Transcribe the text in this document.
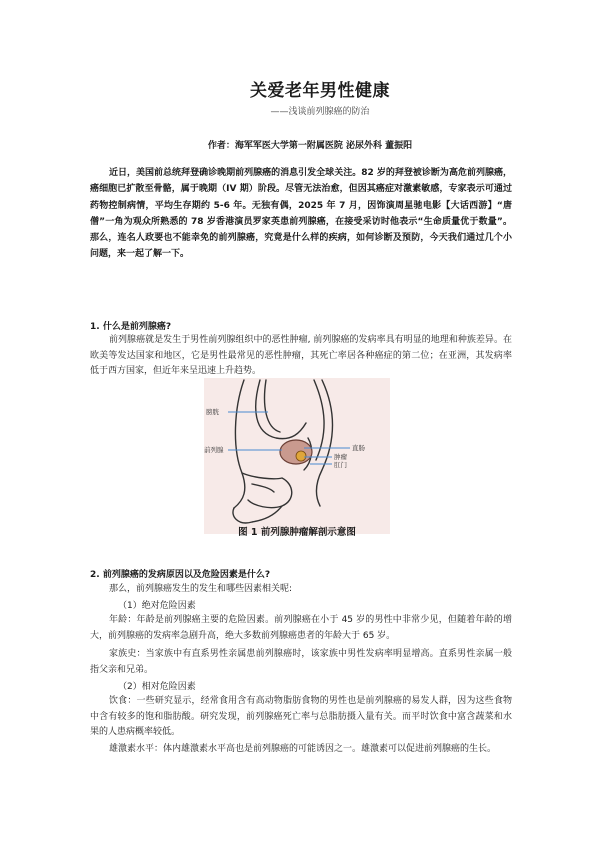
关爱老年男性健康

——浅谈前列腺癌的防治

作者：海军军医大学第一附属医院 泌尿外科 董振阳

近日，美国前总统拜登确诊晚期前列腺癌的消息引发全球关注。82 岁的拜登被诊断为高危前列腺癌，癌细胞已扩散至骨骼，属于晚期（IV 期）阶段。尽管无法治愈，但因其癌症对激素敏感，专家表示可通过药物控制病情，平均生存期约 5-6 年。无独有偶，2025 年 7 月，因饰演周星驰电影【大话西游】“唐僧”一角为观众所熟悉的 78 岁香港演员罗家英患前列腺癌，在接受采访时他表示“生命质量优于数量”。那么，连名人政要也不能幸免的前列腺癌，究竟是什么样的疾病，如何诊断及预防，今天我们通过几个小问题，来一起了解一下。

1. 什么是前列腺癌?

前列腺癌就是发生于男性前列腺组织中的恶性肿瘤, 前列腺癌的发病率具有明显的地理和种族差异。在欧美等发达国家和地区，它是男性最常见的恶性肿瘤，其死亡率居各种癌症的第二位；在亚洲，其发病率低于西方国家，但近年来呈迅速上升趋势。

膀胱
前列腺	直肠
肿瘤
肛门

图 1 前列腺肿瘤解剖示意图

2. 前列腺癌的发病原因以及危险因素是什么?

那么，前列腺癌发生的发生和哪些因素相关呢:

（1）绝对危险因素

年龄：年龄是前列腺癌主要的危险因素。前列腺癌在小于 45 岁的男性中非常少见，但随着年龄的增大，前列腺癌的发病率急剧升高，绝大多数前列腺癌患者的年龄大于 65 岁。

家族史：当家族中有直系男性亲属患前列腺癌时，该家族中男性发病率明显增高。直系男性亲属一般指父亲和兄弟。

（2）相对危险因素

饮食：一些研究显示，经常食用含有高动物脂肪食物的男性也是前列腺癌的易发人群，因为这些食物中含有较多的饱和脂肪酸。研究发现，前列腺癌死亡率与总脂肪摄入量有关。而平时饮食中富含蔬菜和水果的人患病概率较低。

雄激素水平：体内雄激素水平高也是前列腺癌的可能诱因之一。雄激素可以促进前列腺癌的生长。
